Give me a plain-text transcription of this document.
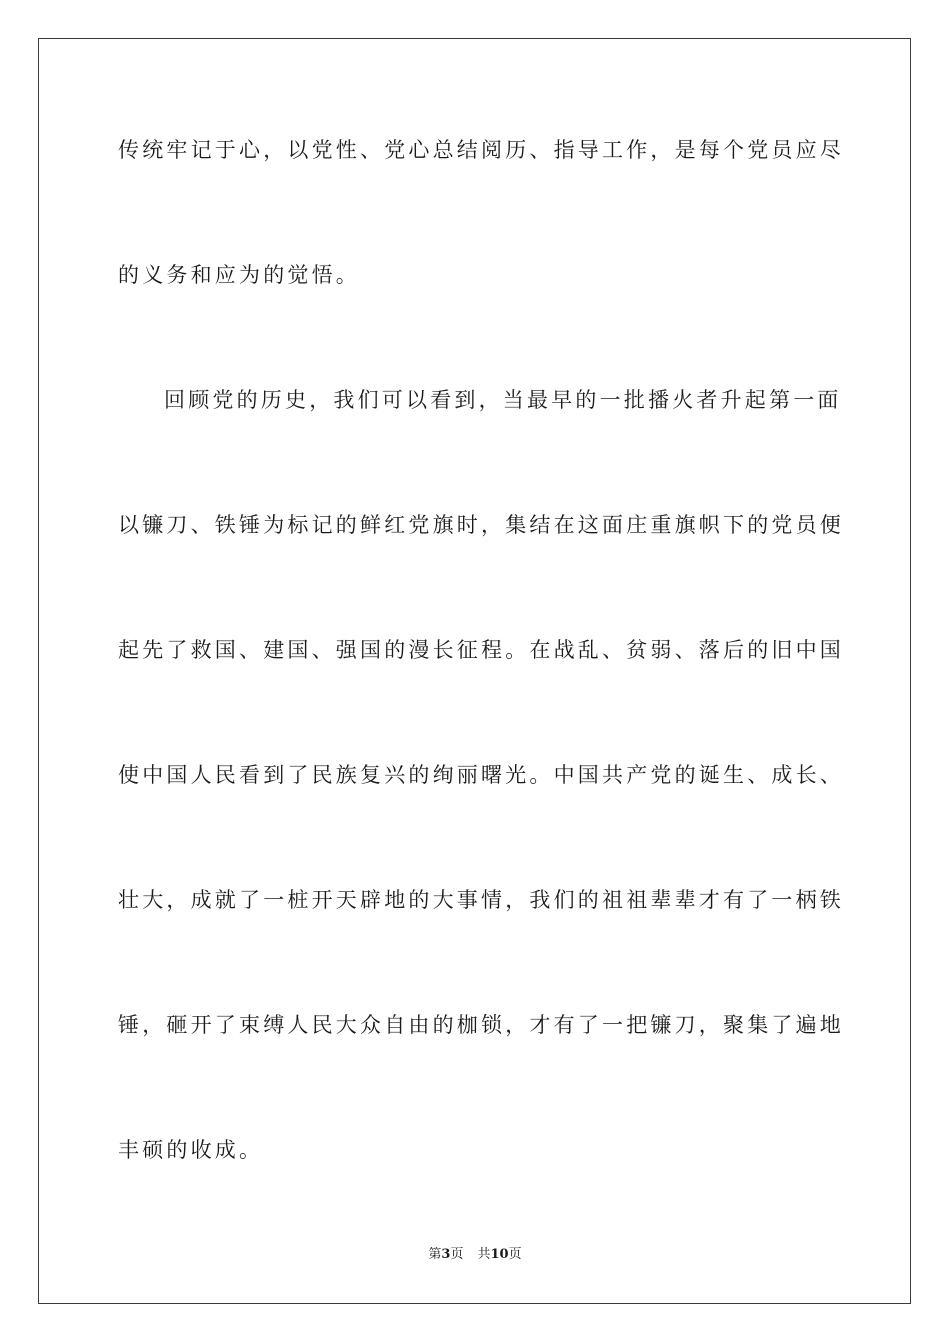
传统牢记于心，以党性、党心总结阅历、指导工作，是每个党员应尽
的义务和应为的觉悟。
回顾党的历史，我们可以看到，当最早的一批播火者升起第一面
以镰刀、铁锤为标记的鲜红党旗时，集结在这面庄重旗帜下的党员便
起先了救国、建国、强国的漫长征程。在战乱、贫弱、落后的旧中国
使中国人民看到了民族复兴的绚丽曙光。中国共产党的诞生、成长、
壮大，成就了一桩开天辟地的大事情，我们的祖祖辈辈才有了一柄铁
锤，砸开了束缚人民大众自由的枷锁，才有了一把镰刀，聚集了遍地
丰硕的收成。
第3页 共10页
